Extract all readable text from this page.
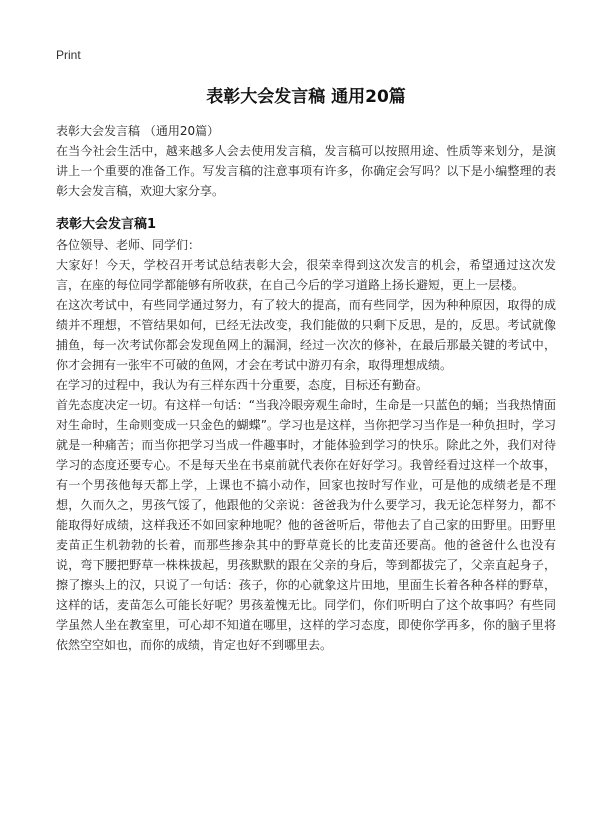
Print
表彰大会发言稿 通用20篇
表彰大会发言稿 （通用20篇）

在当今社会生活中，越来越多人会去使用发言稿，发言稿可以按照用途、性质等来划分，是演讲上一个重要的准备工作。写发言稿的注意事项有许多，你确定会写吗？以下是小编整理的表彰大会发言稿，欢迎大家分享。

表彰大会发言稿1

各位领导、老师、同学们：

大家好！今天，学校召开考试总结表彰大会，很荣幸得到这次发言的机会，希望通过这次发言，在座的每位同学都能够有所收获，在自己今后的学习道路上扬长避短，更上一层楼。

在这次考试中，有些同学通过努力，有了较大的提高，而有些同学，因为种种原因，取得的成绩并不理想，不管结果如何，已经无法改变，我们能做的只剩下反思，是的，反思。考试就像捕鱼，每一次考试你都会发现鱼网上的漏洞，经过一次次的修补，在最后那最关键的考试中，你才会拥有一张牢不可破的鱼网，才会在考试中游刃有余，取得理想成绩。

在学习的过程中，我认为有三样东西十分重要，态度，目标还有勤奋。

首先态度决定一切。有这样一句话：“当我冷眼旁观生命时，生命是一只蓝色的蛹；当我热情面对生命时，生命则变成一只金色的蝴蝶”。学习也是这样，当你把学习当作是一种负担时，学习就是一种痛苦；而当你把学习当成一件趣事时，才能体验到学习的快乐。除此之外，我们对待学习的态度还要专心。不是每天坐在书桌前就代表你在好好学习。我曾经看过这样一个故事，有一个男孩他每天都上学，上课也不搞小动作，回家也按时写作业，可是他的成绩老是不理想，久而久之，男孩气馁了，他跟他的父亲说：爸爸我为什么要学习，我无论怎样努力，都不能取得好成绩，这样我还不如回家种地呢？他的爸爸听后，带他去了自己家的田野里。田野里麦苗正生机勃勃的长着，而那些掺杂其中的野草竟长的比麦苗还要高。他的爸爸什么也没有说，弯下腰把野草一株株拔起，男孩默默的跟在父亲的身后，等到都拔完了，父亲直起身子，擦了擦头上的汉，只说了一句话：孩子，你的心就象这片田地，里面生长着各种各样的野草，这样的话，麦苗怎么可能长好呢？男孩羞愧无比。同学们，你们听明白了这个故事吗？有些同学虽然人坐在教室里，可心却不知道在哪里，这样的学习态度，即使你学再多，你的脑子里将依然空空如也，而你的成绩，肯定也好不到哪里去。
